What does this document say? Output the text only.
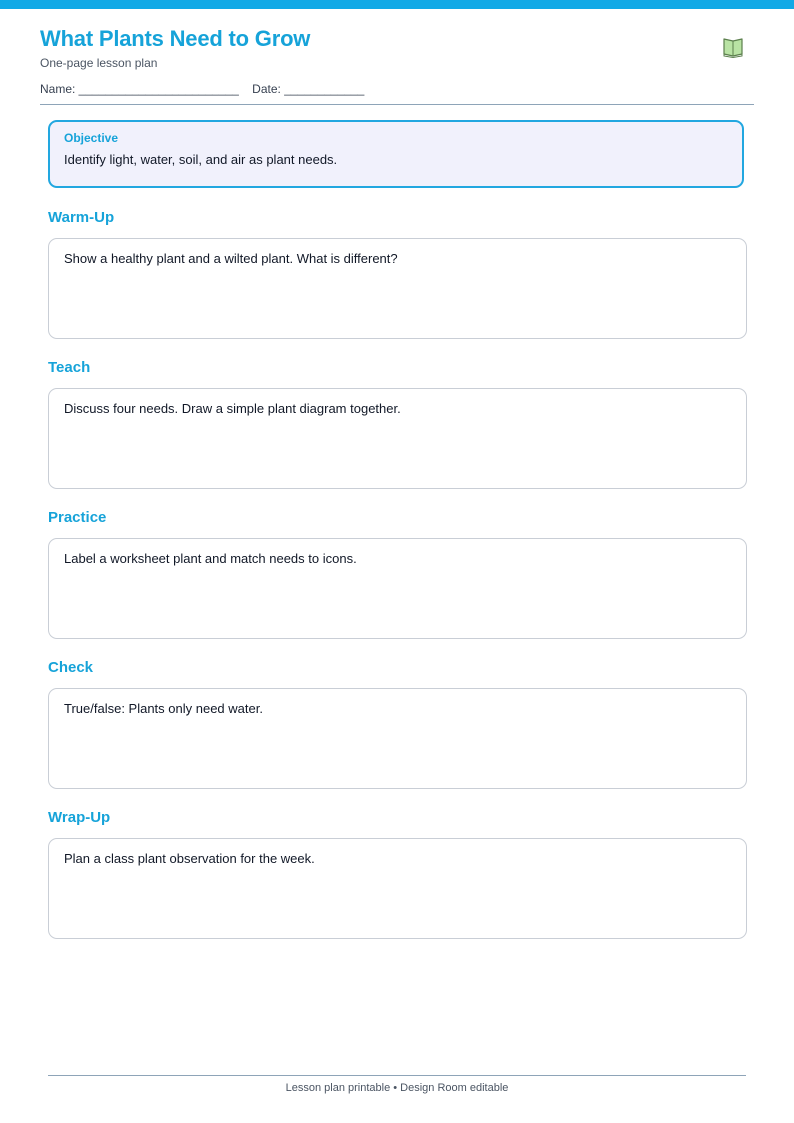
What Plants Need to Grow
One-page lesson plan
Name: ________________________    Date: ____________
Objective
Identify light, water, soil, and air as plant needs.
Warm-Up
Show a healthy plant and a wilted plant. What is different?
Teach
Discuss four needs. Draw a simple plant diagram together.
Practice
Label a worksheet plant and match needs to icons.
Check
True/false: Plants only need water.
Wrap-Up
Plan a class plant observation for the week.
Lesson plan printable • Design Room editable
